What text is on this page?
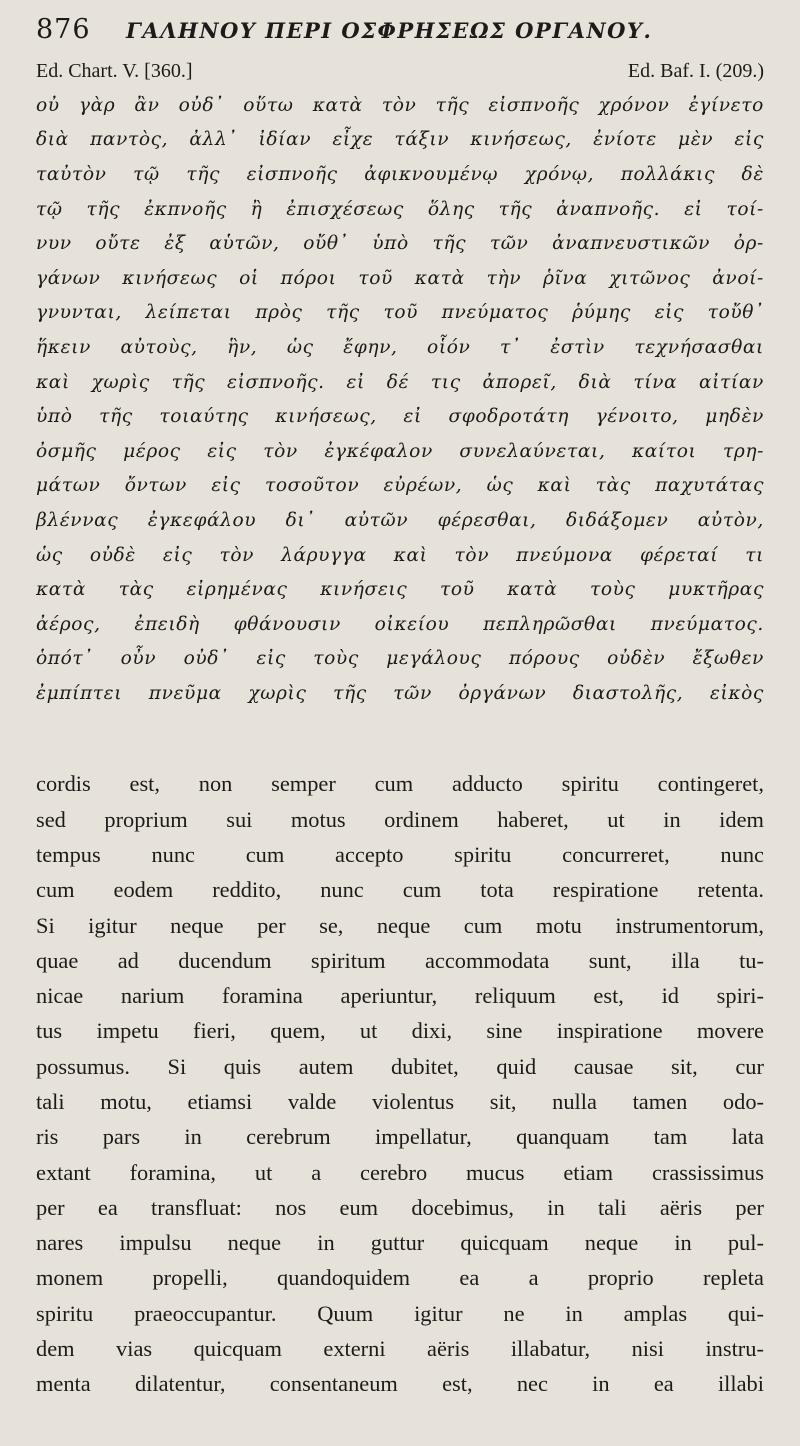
876	ΓΑΛΗΝΟΥ ΠΕΡΙ ΟΣΦΡΗΣΕΩΣ ΟΡΓΑΝΟΥ.
Ed. Chart. V. [360.]	Ed. Baf. I. (209.)
οὐ γὰρ ἂν οὐδ᾽ οὕτω κατὰ τὸν τῆς εἰσπνοῆς χρόνον ἐγίνετο
διὰ παντὸς, ἀλλ᾽ ἰδίαν εἶχε τάξιν κινήσεως, ἐνίοτε μὲν εἰς
ταὐτὸν τῷ τῆς εἰσπνοῆς ἀφικνουμένῳ χρόνῳ, πολλάκις δὲ
τῷ τῆς ἐκπνοῆς ἢ ἐπισχέσεως ὅλης τῆς ἀναπνοῆς. εἰ τοί-
νυν οὔτε ἐξ αὑτῶν, οὔθ᾽ ὑπὸ τῆς τῶν ἀναπνευστικῶν ὀρ-
γάνων κινήσεως οἱ πόροι τοῦ κατὰ τὴν ῥῖνα χιτῶνος ἀνοί-
γνυνται, λείπεται πρὸς τῆς τοῦ πνεύματος ῥύμης εἰς τοὔθ᾽
ἥκειν αὐτοὺς, ἣν, ὡς ἔφην, οἷόν τ᾽ ἐστὶν τεχνήσασθαι
καὶ χωρὶς τῆς εἰσπνοῆς. εἰ δέ τις ἀπορεῖ, διὰ τίνα αἰτίαν
ὑπὸ τῆς τοιαύτης κινήσεως, εἰ σφοδροτάτη γένοιτο, μηδὲν
ὀσμῆς μέρος εἰς τὸν ἐγκέφαλον συνελαύνεται, καίτοι τρη-
μάτων ὄντων εἰς τοσοῦτον εὐρέων, ὡς καὶ τὰς παχυτάτας
βλέννας ἐγκεφάλου δι᾽ αὐτῶν φέρεσθαι, διδάξομεν αὐτὸν,
ὡς οὐδὲ εἰς τὸν λάρυγγα καὶ τὸν πνεύμονα φέρεταί τι
κατὰ τὰς εἰρημένας κινήσεις τοῦ κατὰ τοὺς μυκτῆρας
ἀέρος, ἐπειδὴ φθάνουσιν οἰκείου πεπληρῶσθαι πνεύματος.
ὁπότ᾽ οὖν οὐδ᾽ εἰς τοὺς μεγάλους πόρους οὐδὲν ἔξωθεν
ἐμπίπτει πνεῦμα χωρὶς τῆς τῶν ὀργάνων διαστολῆς, εἰκὸς
cordis est, non semper cum adducto spiritu contingeret,
sed proprium sui motus ordinem haberet, ut in idem
tempus nunc cum accepto spiritu concurreret, nunc
cum eodem reddito, nunc cum tota respiratione retenta.
Si igitur neque per se, neque cum motu instrumentorum,
quae ad ducendum spiritum accommodata sunt, illa tu-
nicae narium foramina aperiuntur, reliquum est, id spiri-
tus impetu fieri, quem, ut dixi, sine inspiratione movere
possumus. Si quis autem dubitet, quid causae sit, cur
tali motu, etiamsi valde violentus sit, nulla tamen odo-
ris pars in cerebrum impellatur, quanquam tam lata
extant foramina, ut a cerebro mucus etiam crassissimus
per ea transfluat: nos eum docebimus, in tali aëris per
nares impulsu neque in guttur quicquam neque in pul-
monem propelli, quandoquidem ea a proprio repleta
spiritu praeoccupantur. Quum igitur ne in amplas qui-
dem vias quicquam externi aëris illabatur, nisi instru-
menta dilatentur, consentaneum est, nec in ea illabi
